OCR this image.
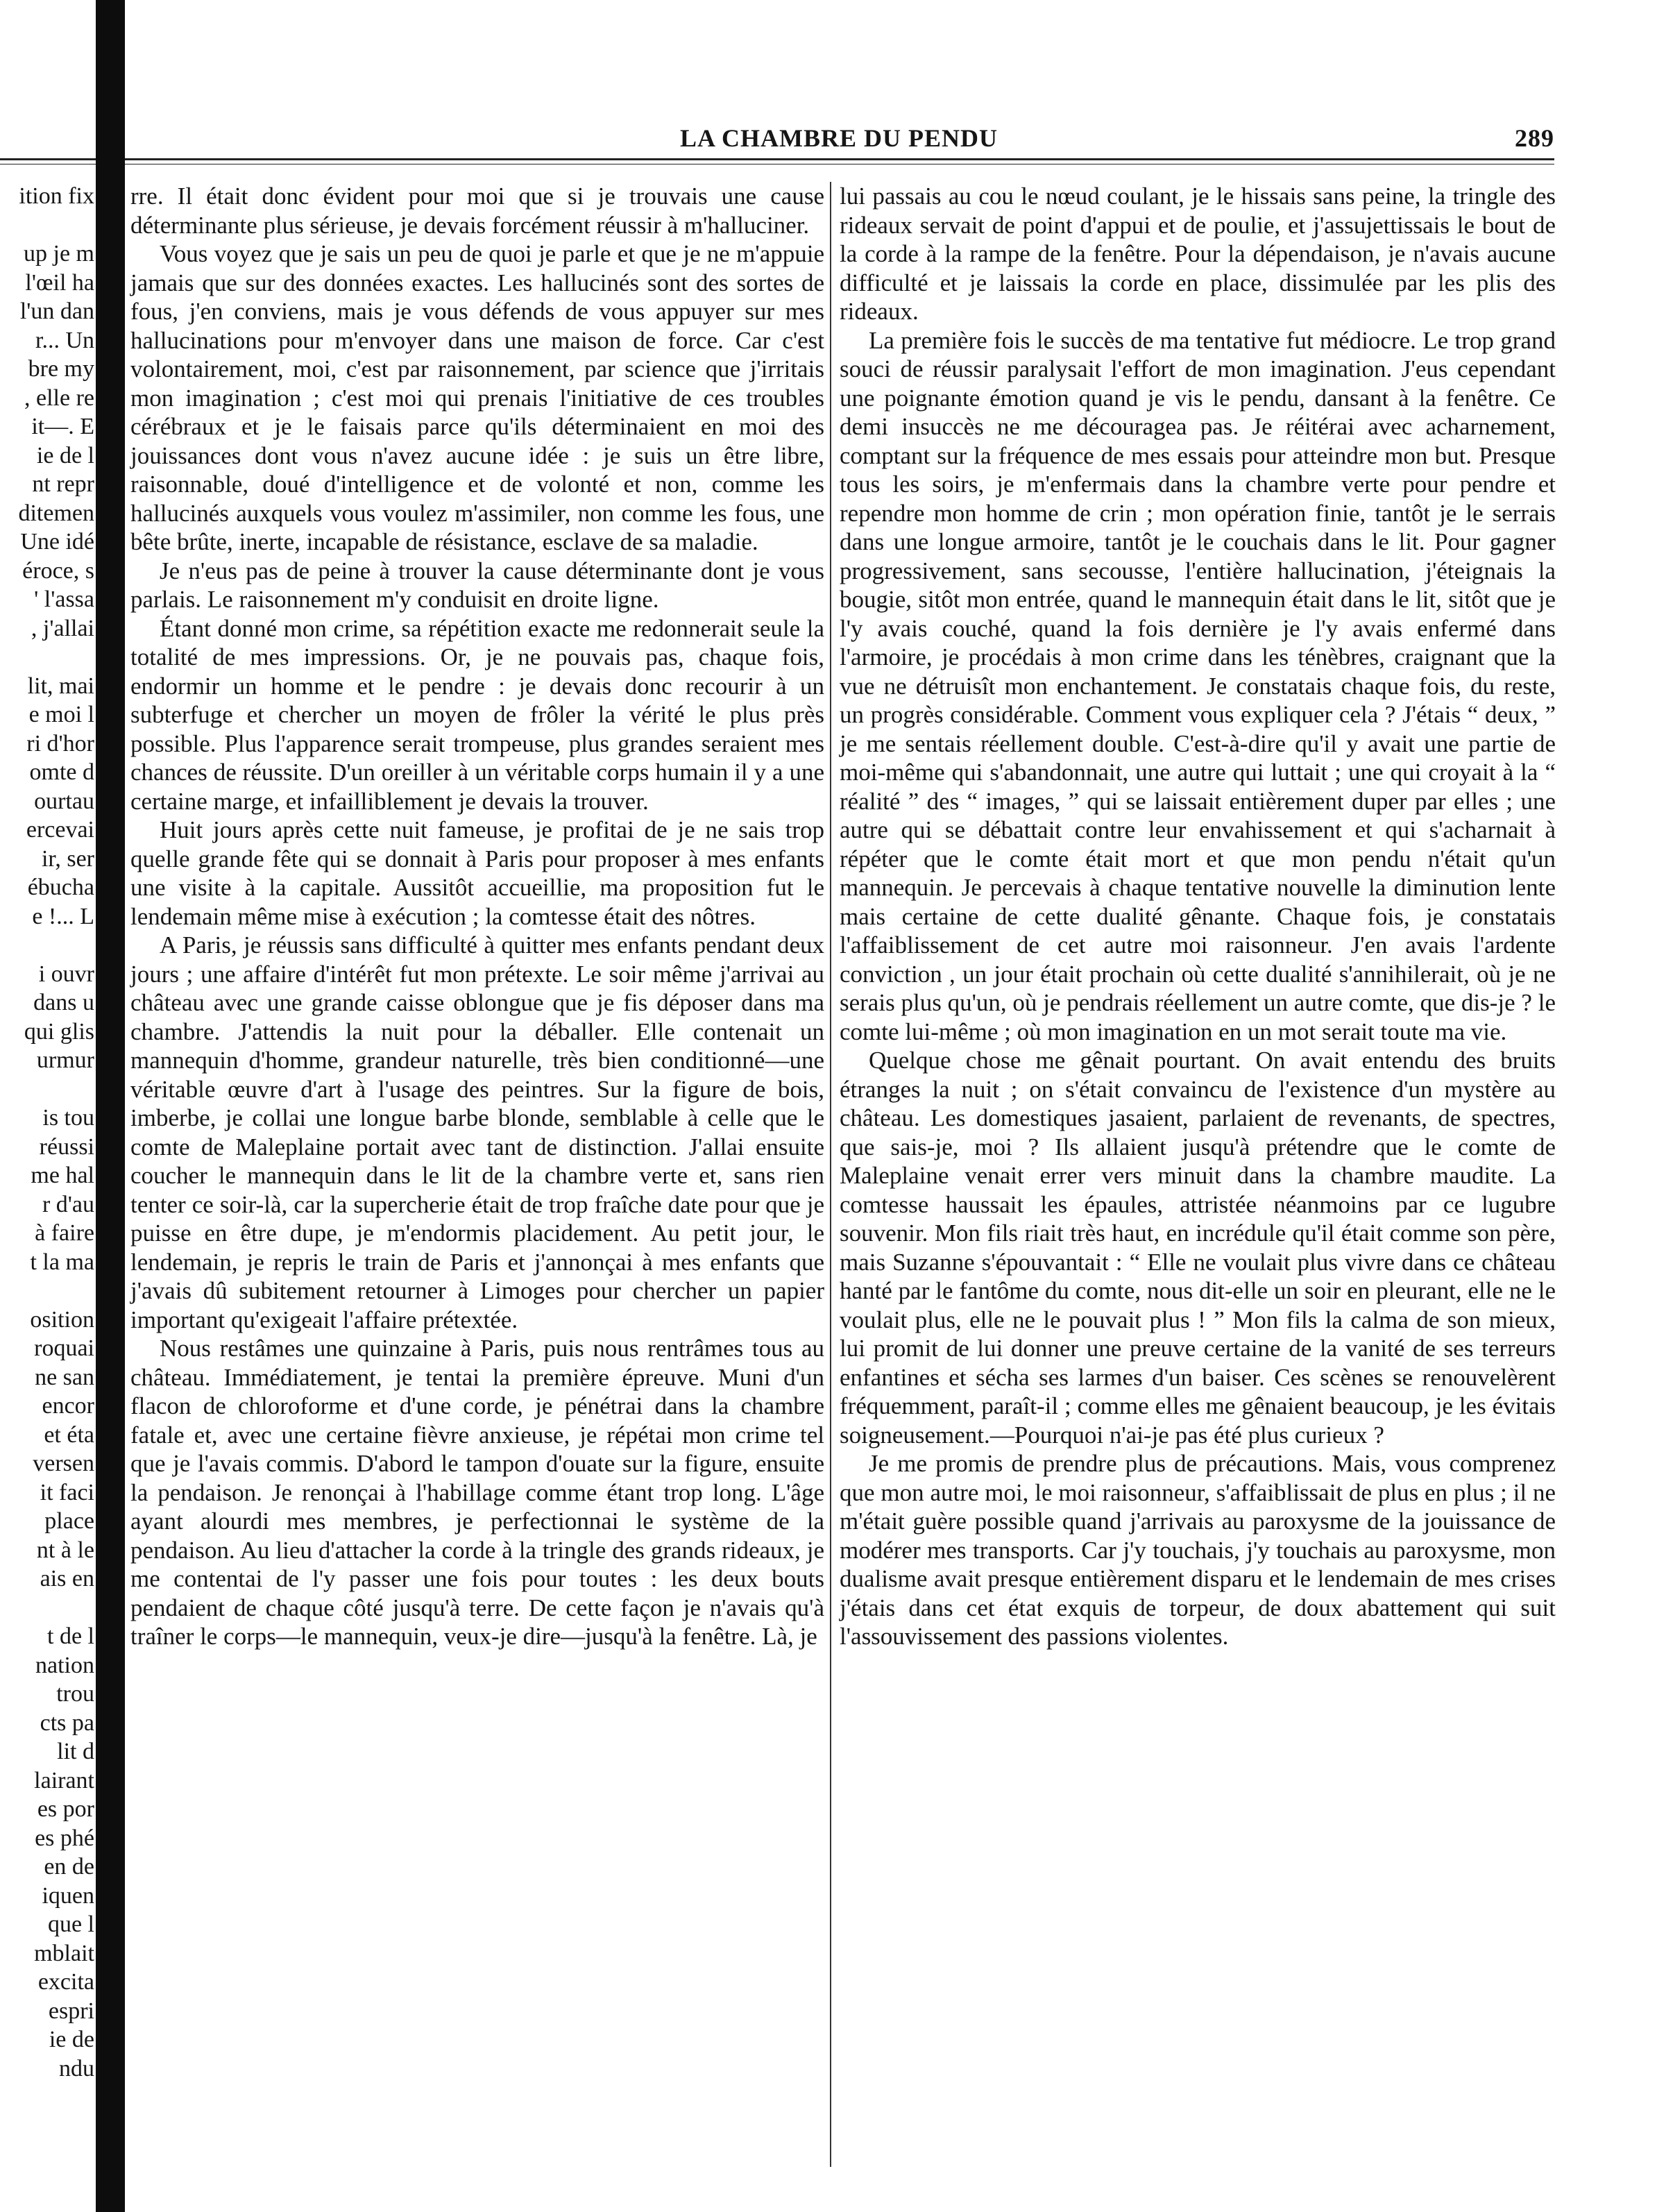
LA CHAMBRE DU PENDU	289
ition fix
up je m
l'œil ha
l'un dan
r... Un
bre my
, elle re
it—. E
ie de l
nt repr
ditemen
Une idé
éroce, s
' l'assa
, j'allai
lit, mai
e moi l
ri d'hor
omte d
ourtau
ercevai
ir, ser
ébucha
e !... L
i ouvr
dans u
qui glis
urmur
is tou
réussi
me hal
r d'au
à faire
t la ma
osition
roquai
ne san
encor
et éta
versen
it faci
place
nt à le
ais en
t de l
nation
trou
cts pa
lit d
lairant
es por
es phé
en de
iquen
que l
mblait
excita
espri
ie de
ndu

rre. Il était donc évident pour moi que si je trouvais une cause déterminante plus sérieuse, je devais forcément réussir à m'halluciner.

Vous voyez que je sais un peu de quoi je parle et que je ne m'appuie jamais que sur des données exactes. Les hallucinés sont des sortes de fous, j'en conviens, mais je vous défends de vous appuyer sur mes hallucinations pour m'envoyer dans une maison de force. Car c'est volontairement, moi, c'est par raisonnement, par science que j'irritais mon imagination ; c'est moi qui prenais l'initiative de ces troubles cérébraux et je le faisais parce qu'ils déterminaient en moi des jouissances dont vous n'avez aucune idée : je suis un être libre, raisonnable, doué d'intelligence et de volonté et non, comme les hallucinés auxquels vous voulez m'assimiler, non comme les fous, une bête brûte, inerte, incapable de résistance, esclave de sa maladie.

Je n'eus pas de peine à trouver la cause déterminante dont je vous parlais. Le raisonnement m'y conduisit en droite ligne.

Étant donné mon crime, sa répétition exacte me redonnerait seule la totalité de mes impressions. Or, je ne pouvais pas, chaque fois, endormir un homme et le pendre : je devais donc recourir à un subterfuge et chercher un moyen de frôler la vérité le plus près possible. Plus l'apparence serait trompeuse, plus grandes seraient mes chances de réussite. D'un oreiller à un véritable corps humain il y a une certaine marge, et infailliblement je devais la trouver.

Huit jours après cette nuit fameuse, je profitai de je ne sais trop quelle grande fête qui se donnait à Paris pour proposer à mes enfants une visite à la capitale. Aussitôt accueillie, ma proposition fut le lendemain même mise à exécution ; la comtesse était des nôtres.

A Paris, je réussis sans difficulté à quitter mes enfants pendant deux jours ; une affaire d'intérêt fut mon prétexte. Le soir même j'arrivai au château avec une grande caisse oblongue que je fis déposer dans ma chambre. J'attendis la nuit pour la déballer. Elle contenait un mannequin d'homme, grandeur naturelle, très bien conditionné—une véritable œuvre d'art à l'usage des peintres. Sur la figure de bois, imberbe, je collai une longue barbe blonde, semblable à celle que le comte de Maleplaine portait avec tant de distinction. J'allai ensuite coucher le mannequin dans le lit de la chambre verte et, sans rien tenter ce soir-là, car la supercherie était de trop fraîche date pour que je puisse en être dupe, je m'endormis placidement. Au petit jour, le lendemain, je repris le train de Paris et j'annonçai à mes enfants que j'avais dû subitement retourner à Limoges pour chercher un papier important qu'exigeait l'affaire prétextée.

Nous restâmes une quinzaine à Paris, puis nous rentrâmes tous au château. Immédiatement, je tentai la première épreuve. Muni d'un flacon de chloroforme et d'une corde, je pénétrai dans la chambre fatale et, avec une certaine fièvre anxieuse, je répétai mon crime tel que je l'avais commis. D'abord le tampon d'ouate sur la figure, ensuite la pendaison. Je renonçai à l'habillage comme étant trop long. L'âge ayant alourdi mes membres, je perfectionnai le système de la pendaison. Au lieu d'attacher la corde à la tringle des grands rideaux, je me contentai de l'y passer une fois pour toutes : les deux bouts pendaient de chaque côté jusqu'à terre. De cette façon je n'avais qu'à traîner le corps—le mannequin, veux-je dire—jusqu'à la fenêtre. Là, je

lui passais au cou le nœud coulant, je le hissais sans peine, la tringle des rideaux servait de point d'appui et de poulie, et j'assujettissais le bout de la corde à la rampe de la fenêtre. Pour la dépendaison, je n'avais aucune difficulté et je laissais la corde en place, dissimulée par les plis des rideaux.

La première fois le succès de ma tentative fut médiocre. Le trop grand souci de réussir paralysait l'effort de mon imagination. J'eus cependant une poignante émotion quand je vis le pendu, dansant à la fenêtre. Ce demi insuccès ne me découragea pas. Je réitérai avec acharnement, comptant sur la fréquence de mes essais pour atteindre mon but. Presque tous les soirs, je m'enfermais dans la chambre verte pour pendre et rependre mon homme de crin ; mon opération finie, tantôt je le serrais dans une longue armoire, tantôt je le couchais dans le lit. Pour gagner progressivement, sans secousse, l'entière hallucination, j'éteignais la bougie, sitôt mon entrée, quand le mannequin était dans le lit, sitôt que je l'y avais couché, quand la fois dernière je l'y avais enfermé dans l'armoire, je procédais à mon crime dans les ténèbres, craignant que la vue ne détruisît mon enchantement. Je constatais chaque fois, du reste, un progrès considérable. Comment vous expliquer cela ? J'étais “ deux, ” je me sentais réellement double. C'est-à-dire qu'il y avait une partie de moi-même qui s'abandonnait, une autre qui luttait ; une qui croyait à la “ réalité ” des “ images, ” qui se laissait entièrement duper par elles ; une autre qui se débattait contre leur envahissement et qui s'acharnait à répéter que le comte était mort et que mon pendu n'était qu'un mannequin. Je percevais à chaque tentative nouvelle la diminution lente mais certaine de cette dualité gênante. Chaque fois, je constatais l'affaiblissement de cet autre moi raisonneur. J'en avais l'ardente conviction , un jour était prochain où cette dualité s'annihilerait, où je ne serais plus qu'un, où je pendrais réellement un autre comte, que dis-je ? le comte lui-même ; où mon imagination en un mot serait toute ma vie.

Quelque chose me gênait pourtant. On avait entendu des bruits étranges la nuit ; on s'était convaincu de l'existence d'un mystère au château. Les domestiques jasaient, parlaient de revenants, de spectres, que sais-je, moi ? Ils allaient jusqu'à prétendre que le comte de Maleplaine venait errer vers minuit dans la chambre maudite. La comtesse haussait les épaules, attristée néanmoins par ce lugubre souvenir. Mon fils riait très haut, en incrédule qu'il était comme son père, mais Suzanne s'épouvantait : “ Elle ne voulait plus vivre dans ce château hanté par le fantôme du comte, nous dit-elle un soir en pleurant, elle ne le voulait plus, elle ne le pouvait plus ! ” Mon fils la calma de son mieux, lui promit de lui donner une preuve certaine de la vanité de ses terreurs enfantines et sécha ses larmes d'un baiser. Ces scènes se renouvelèrent fréquemment, paraît-il ; comme elles me gênaient beaucoup, je les évitais soigneusement.—Pourquoi n'ai-je pas été plus curieux ?

Je me promis de prendre plus de précautions. Mais, vous comprenez que mon autre moi, le moi raisonneur, s'affaiblissait de plus en plus ; il ne m'était guère possible quand j'arrivais au paroxysme de la jouissance de modérer mes transports. Car j'y touchais, j'y touchais au paroxysme, mon dualisme avait presque entièrement disparu et le lendemain de mes crises j'étais dans cet état exquis de torpeur, de doux abattement qui suit l'assouvissement des passions violentes.
